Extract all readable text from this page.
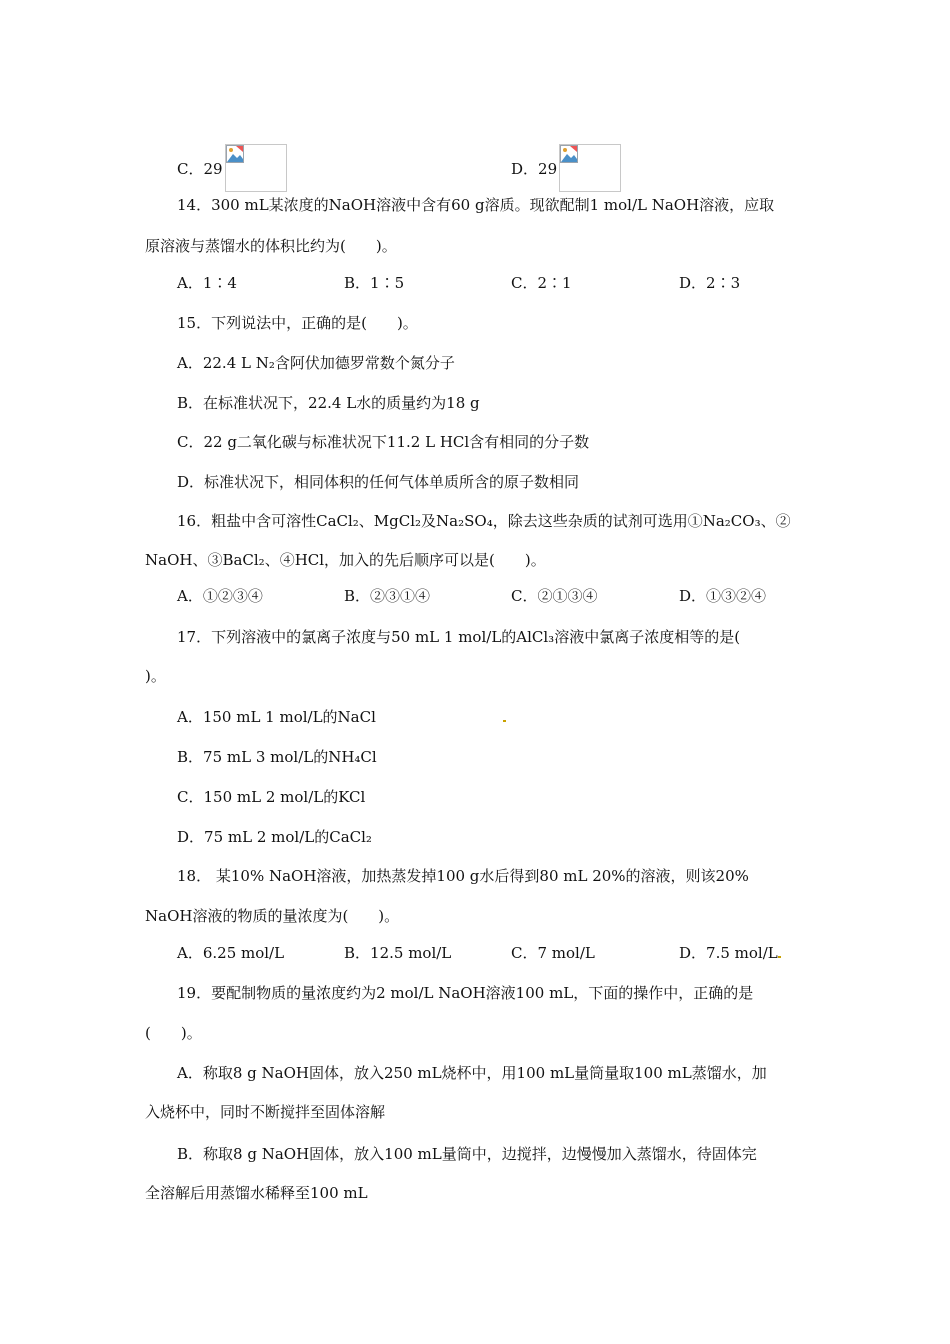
C．29	D．29
14．300 mL某浓度的NaOH溶液中含有60 g溶质。现欲配制1 mol/L NaOH溶液，应取
原溶液与蒸馏水的体积比约为(　　)。
A．1∶4	B．1∶5	C．2∶1	D．2∶3
15．下列说法中，正确的是(　　)。
A．22.4 L N₂含阿伏加德罗常数个氮分子
B．在标准状况下，22.4 L水的质量约为18 g
C．22 g二氧化碳与标准状况下11.2 L HCl含有相同的分子数
D．标准状况下，相同体积的任何气体单质所含的原子数相同
16．粗盐中含可溶性CaCl₂、MgCl₂及Na₂SO₄，除去这些杂质的试剂可选用①Na₂CO₃、②
NaOH、③BaCl₂、④HCl，加入的先后顺序可以是(　　)。
A．①②③④	B．②③①④	C．②①③④	D．①③②④
17．下列溶液中的氯离子浓度与50 mL 1 mol/L的AlCl₃溶液中氯离子浓度相等的是(
)。
A．150 mL 1 mol/L的NaCl
B．75 mL 3 mol/L的NH₄Cl
C．150 mL 2 mol/L的KCl
D．75 mL 2 mol/L的CaCl₂
18． 某10% NaOH溶液，加热蒸发掉100 g水后得到80 mL 20%的溶液，则该20%
NaOH溶液的物质的量浓度为(　　)。
A．6.25 mol/L	B．12.5 mol/L	C．7 mol/L	D．7.5 mol/L
19．要配制物质的量浓度约为2 mol/L NaOH溶液100 mL，下面的操作中，正确的是
(　　)。
A．称取8 g NaOH固体，放入250 mL烧杯中，用100 mL量筒量取100 mL蒸馏水，加
入烧杯中，同时不断搅拌至固体溶解
B．称取8 g NaOH固体，放入100 mL量筒中，边搅拌，边慢慢加入蒸馏水，待固体完
全溶解后用蒸馏水稀释至100 mL
